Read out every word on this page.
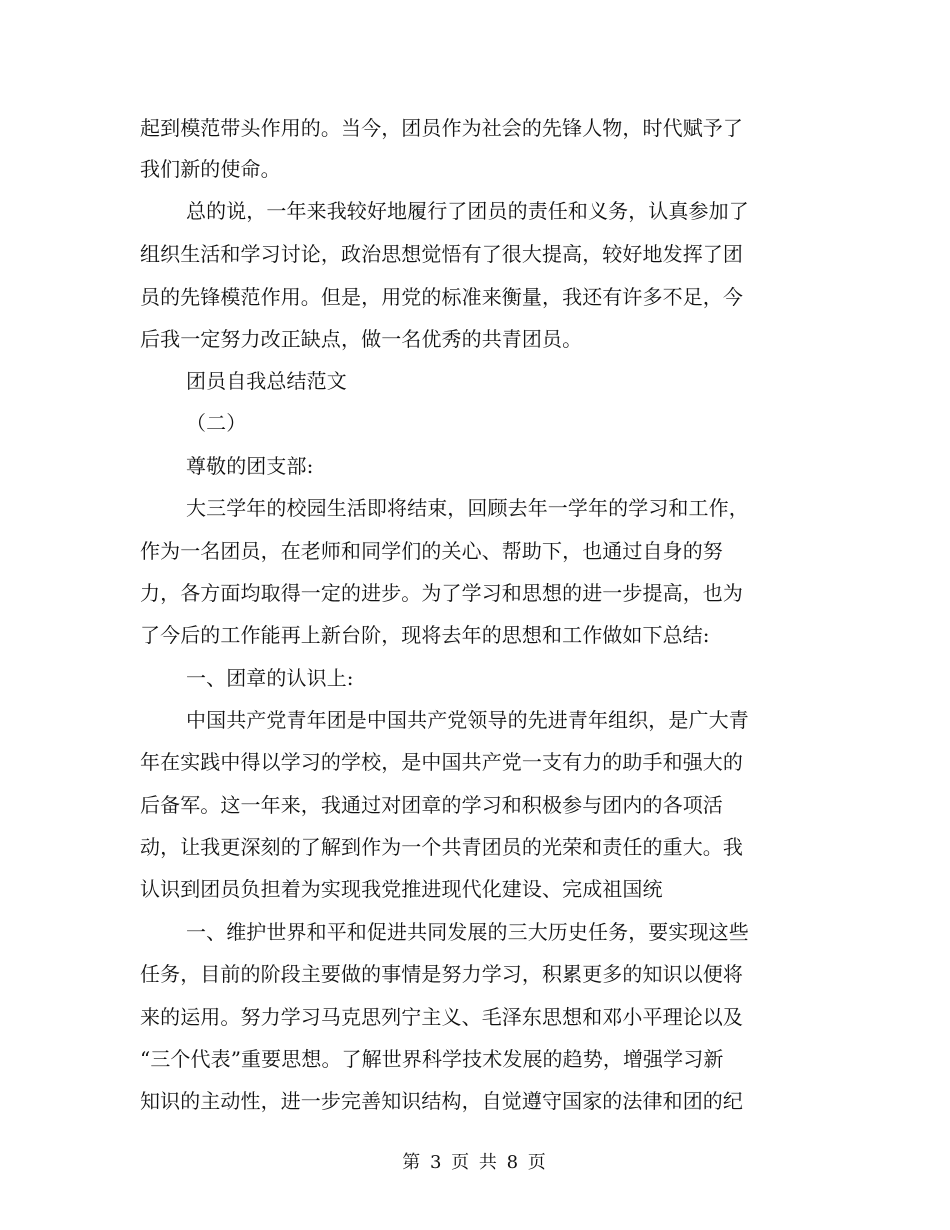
起到模范带头作用的。当今，团员作为社会的先锋人物，时代赋予了
我们新的使命。
总的说，一年来我较好地履行了团员的责任和义务，认真参加了
组织生活和学习讨论，政治思想觉悟有了很大提高，较好地发挥了团
员的先锋模范作用。但是，用党的标准来衡量，我还有许多不足，今
后我一定努力改正缺点，做一名优秀的共青团员。
团员自我总结范文
（二）
尊敬的团支部:
大三学年的校园生活即将结束，回顾去年一学年的学习和工作，
作为一名团员，在老师和同学们的关心、帮助下，也通过自身的努
力，各方面均取得一定的进步。为了学习和思想的进一步提高，也为
了今后的工作能再上新台阶，现将去年的思想和工作做如下总结:
一、团章的认识上:
中国共产党青年团是中国共产党领导的先进青年组织，是广大青
年在实践中得以学习的学校，是中国共产党一支有力的助手和强大的
后备军。这一年来，我通过对团章的学习和积极参与团内的各项活
动，让我更深刻的了解到作为一个共青团员的光荣和责任的重大。我
认识到团员负担着为实现我党推进现代化建设、完成祖国统
一、维护世界和平和促进共同发展的三大历史任务，要实现这些
任务，目前的阶段主要做的事情是努力学习，积累更多的知识以便将
来的运用。努力学习马克思列宁主义、毛泽东思想和邓小平理论以及
“三个代表”重要思想。了解世界科学技术发展的趋势，增强学习新
知识的主动性，进一步完善知识结构，自觉遵守国家的法律和团的纪
第 3 页 共 8 页
